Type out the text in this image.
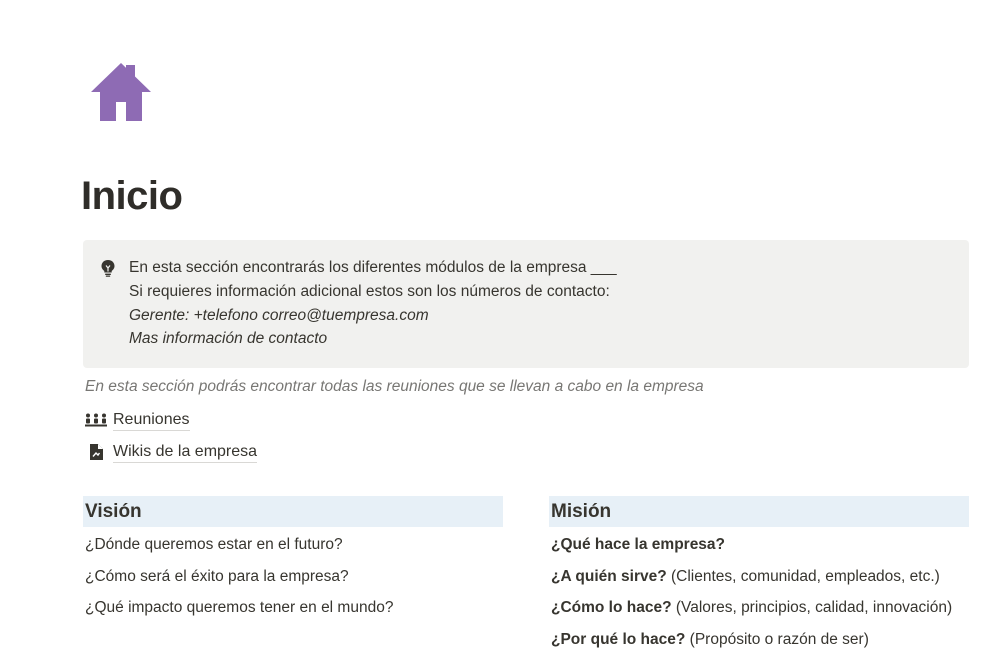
Inicio
En esta sección encontrarás los diferentes módulos de la empresa ___
Si requieres información adicional estos son los números de contacto:
Gerente: +telefono correo@tuempresa.com
Mas información de contacto
En esta sección podrás encontrar todas las reuniones que se llevan a cabo en la empresa
Reuniones
Wikis de la empresa
Visión
¿Dónde queremos estar en el futuro?
¿Cómo será el éxito para la empresa?
¿Qué impacto queremos tener en el mundo?
Misión
¿Qué hace la empresa?
¿A quién sirve? (Clientes, comunidad, empleados, etc.)
¿Cómo lo hace? (Valores, principios, calidad, innovación)
¿Por qué lo hace? (Propósito o razón de ser)
